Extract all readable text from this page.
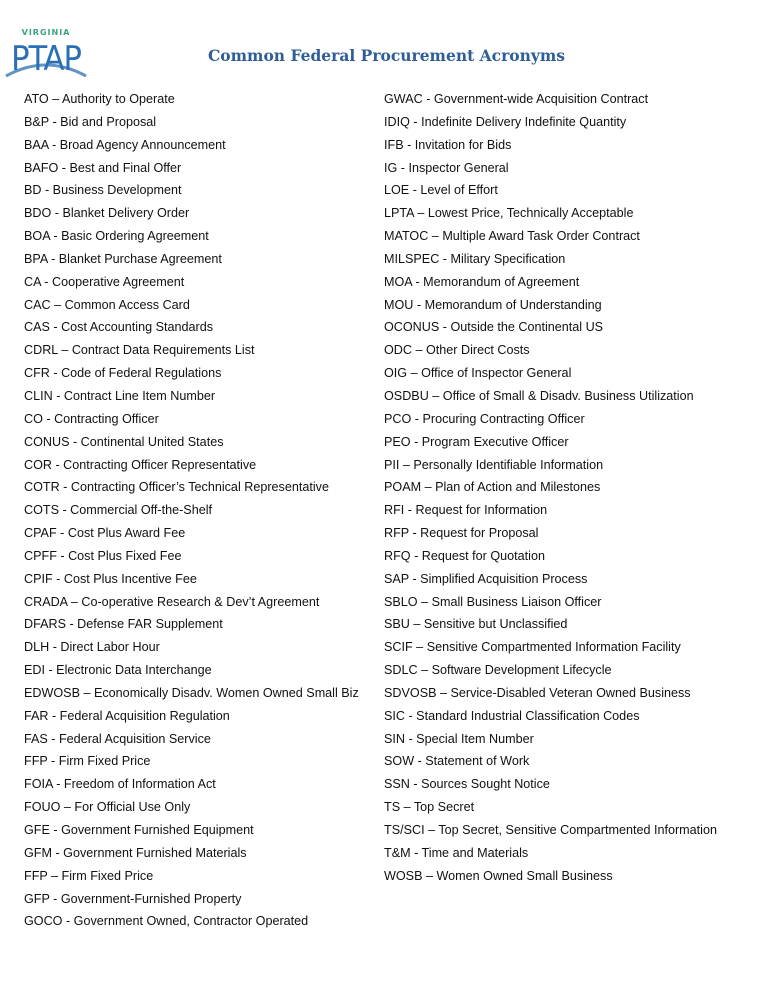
VIRGINIA
PTAP	Common Federal Procurement Acronyms
ATO – Authority to Operate
B&P - Bid and Proposal
BAA - Broad Agency Announcement
BAFO - Best and Final Offer
BD - Business Development
BDO - Blanket Delivery Order
BOA - Basic Ordering Agreement
BPA - Blanket Purchase Agreement
CA - Cooperative Agreement
CAC – Common Access Card
CAS - Cost Accounting Standards
CDRL – Contract Data Requirements List
CFR - Code of Federal Regulations
CLIN - Contract Line Item Number
CO - Contracting Officer
CONUS - Continental United States
COR - Contracting Officer Representative
COTR - Contracting Officer’s Technical Representative
COTS - Commercial Off-the-Shelf
CPAF - Cost Plus Award Fee
CPFF - Cost Plus Fixed Fee
CPIF - Cost Plus Incentive Fee
CRADA – Co-operative Research & Dev’t Agreement
DFARS - Defense FAR Supplement
DLH - Direct Labor Hour
EDI - Electronic Data Interchange
EDWOSB – Economically Disadv. Women Owned Small Biz
FAR - Federal Acquisition Regulation
FAS - Federal Acquisition Service
FFP - Firm Fixed Price
FOIA - Freedom of Information Act
FOUO – For Official Use Only
GFE - Government Furnished Equipment
GFM - Government Furnished Materials
FFP – Firm Fixed Price
GFP - Government-Furnished Property
GOCO - Government Owned, Contractor Operated
GWAC - Government-wide Acquisition Contract
IDIQ - Indefinite Delivery Indefinite Quantity
IFB - Invitation for Bids
IG - Inspector General
LOE - Level of Effort
LPTA – Lowest Price, Technically Acceptable
MATOC – Multiple Award Task Order Contract
MILSPEC - Military Specification
MOA - Memorandum of Agreement
MOU - Memorandum of Understanding
OCONUS - Outside the Continental US
ODC – Other Direct Costs
OIG – Office of Inspector General
OSDBU – Office of Small & Disadv. Business Utilization
PCO - Procuring Contracting Officer
PEO - Program Executive Officer
PII – Personally Identifiable Information
POAM – Plan of Action and Milestones
RFI - Request for Information
RFP - Request for Proposal
RFQ - Request for Quotation
SAP - Simplified Acquisition Process
SBLO – Small Business Liaison Officer
SBU – Sensitive but Unclassified
SCIF – Sensitive Compartmented Information Facility
SDLC – Software Development Lifecycle
SDVOSB – Service-Disabled Veteran Owned Business
SIC - Standard Industrial Classification Codes
SIN - Special Item Number
SOW - Statement of Work
SSN - Sources Sought Notice
TS – Top Secret
TS/SCI – Top Secret, Sensitive Compartmented Information
T&M - Time and Materials
WOSB – Women Owned Small Business
